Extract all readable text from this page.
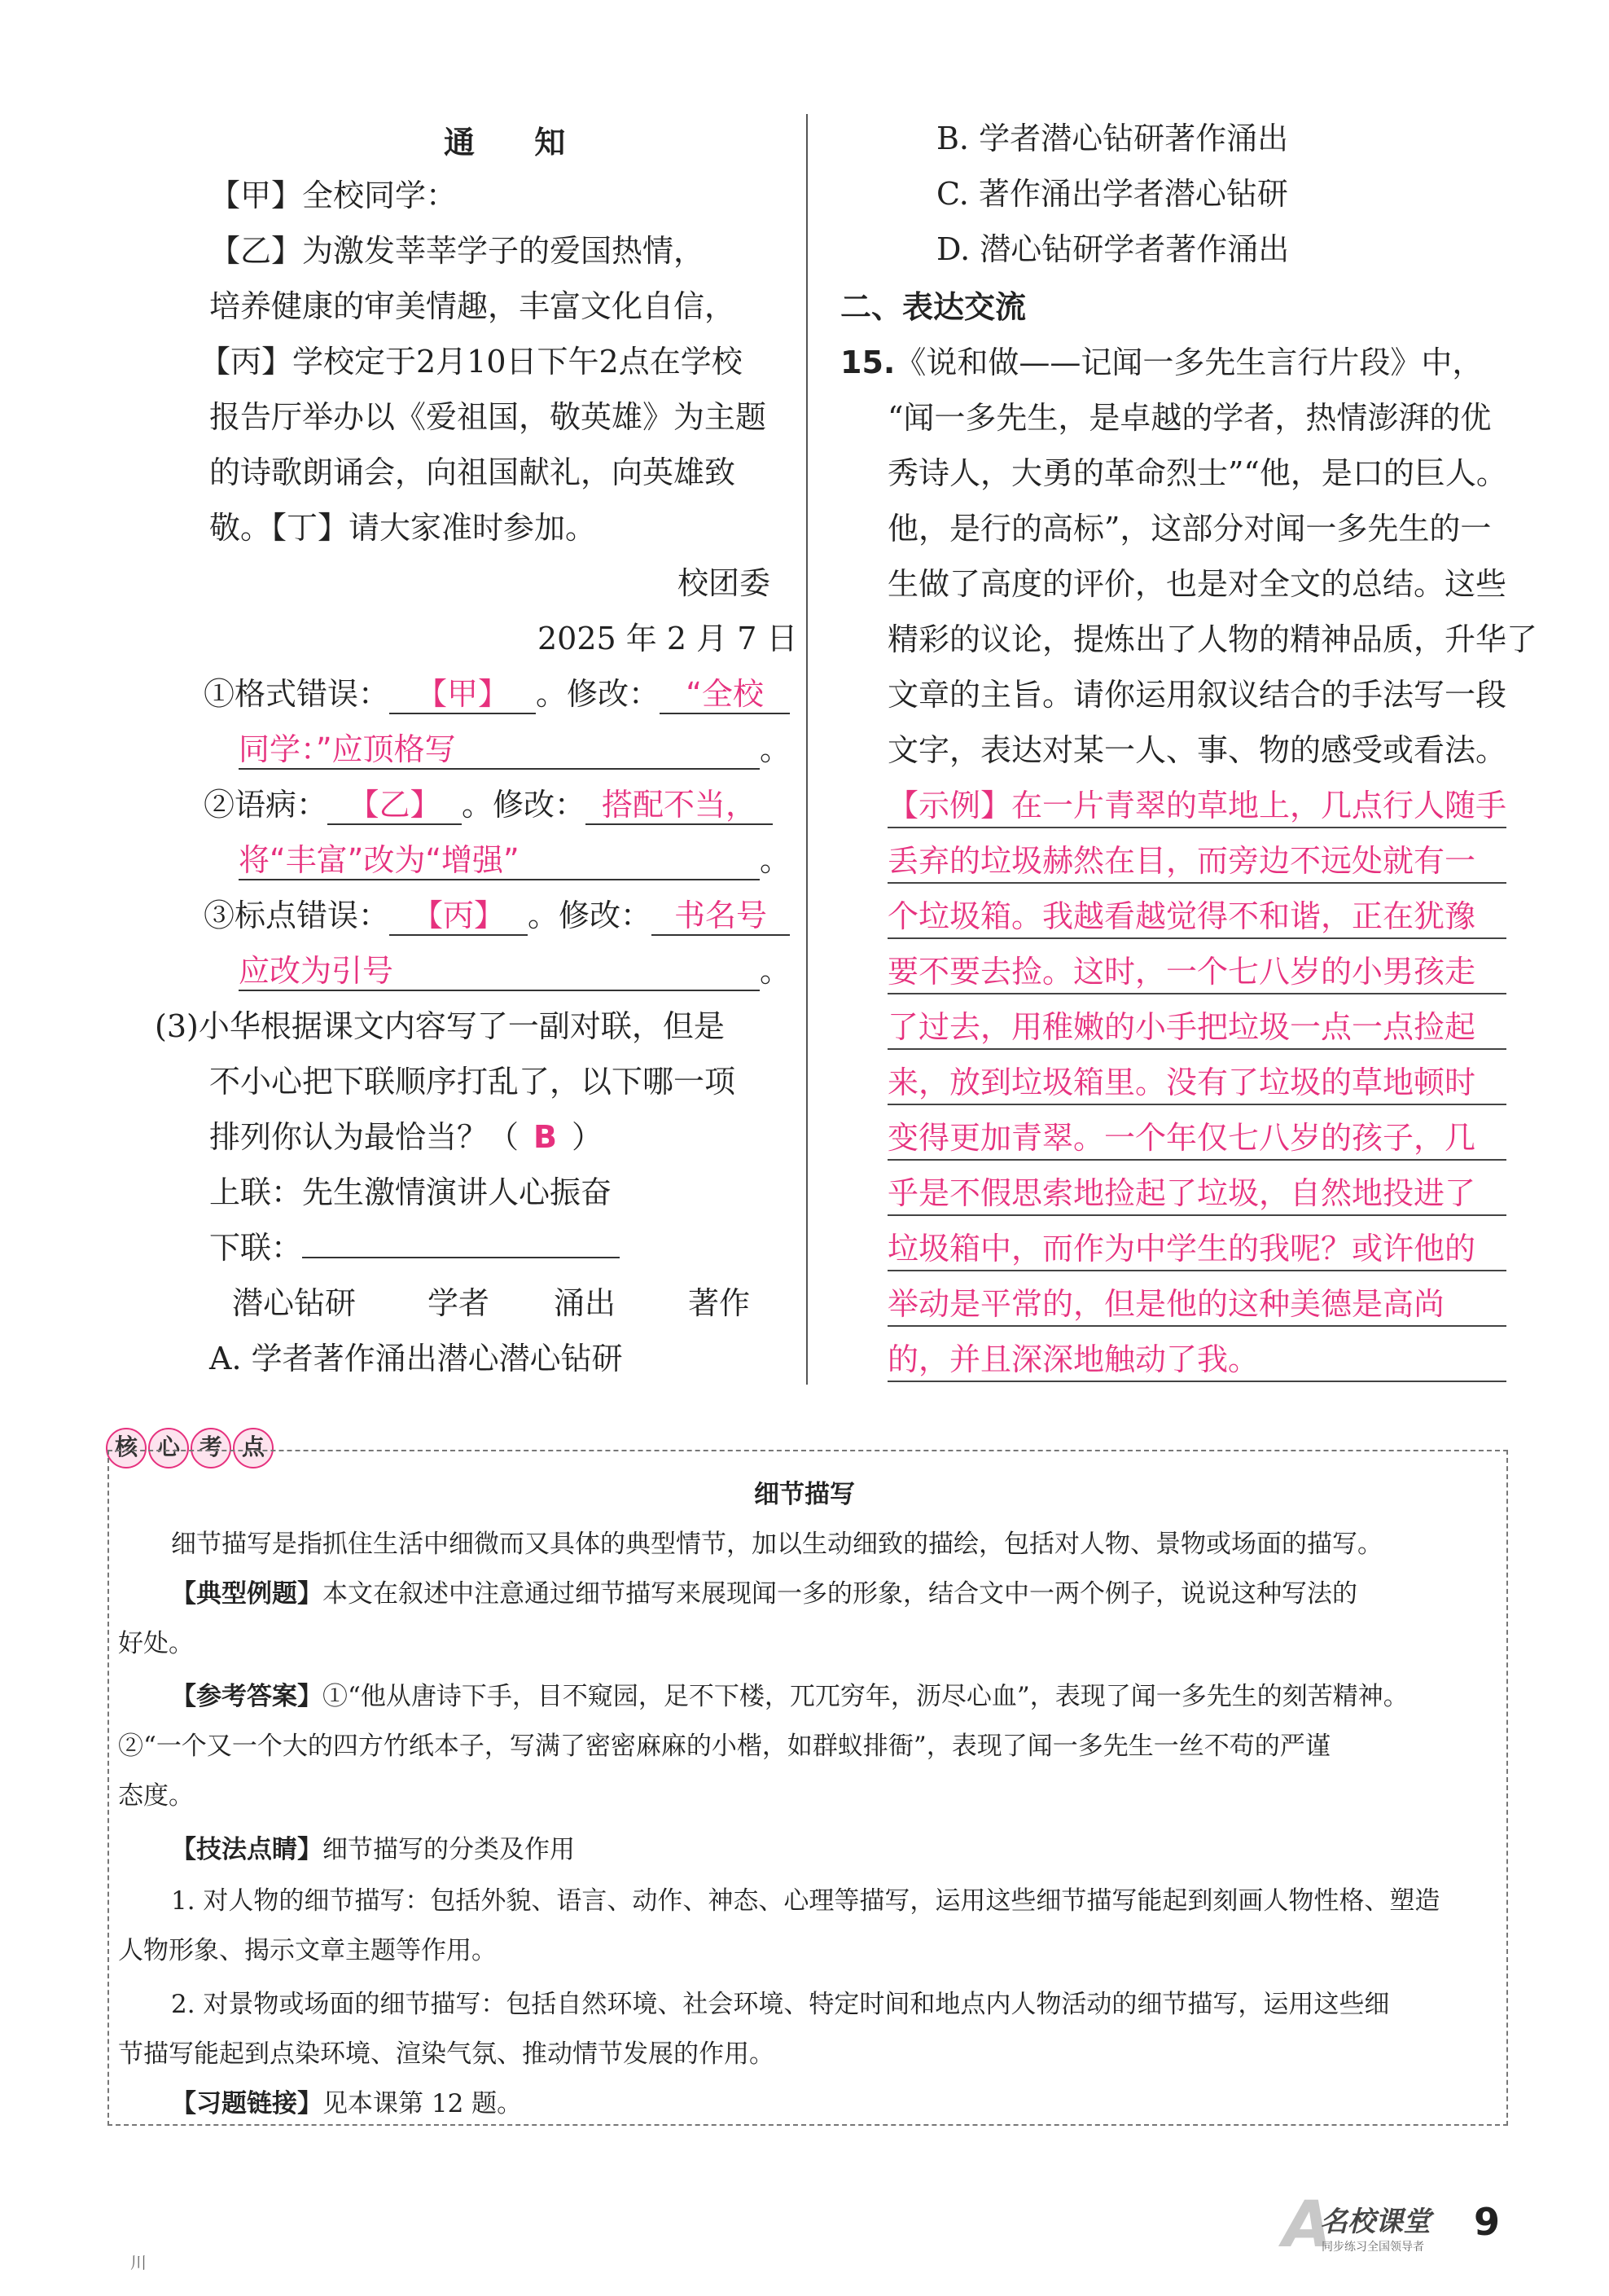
通 知
【甲】全校同学：
【乙】为激发莘莘学子的爱国热情，
培养健康的审美情趣，丰富文化自信，
【丙】学校定于2月10日下午2点在学校
报告厅举办以《爱祖国，敬英雄》为主题
的诗歌朗诵会，向祖国献礼，向英雄致
敬。【丁】请大家准时参加。
校团委
2025 年 2 月 7 日
①格式错误： 【甲】 。修改： “全校
同学：”应顶格写	。
②语病： 【乙】 。修改： 搭配不当，
将“丰富”改为“增强”	。
③标点错误： 【丙】 。修改： 书名号
应改为引号	。
(3)小华根据课文内容写了一副对联，但是
不小心把下联顺序打乱了，以下哪一项
排列你认为最恰当？（ B ）
上联：先生激情演讲人心振奋
下联：
潜心钻研 学者 涌出 著作
A. 学者著作涌出潜心潜心钻研
B. 学者潜心钻研著作涌出
C. 著作涌出学者潜心钻研
D. 潜心钻研学者著作涌出
二、表达交流
15.《说和做——记闻一多先生言行片段》中，
“闻一多先生，是卓越的学者，热情澎湃的优
秀诗人，大勇的革命烈士”“他，是口的巨人。
他，是行的高标”，这部分对闻一多先生的一
生做了高度的评价，也是对全文的总结。这些
精彩的议论，提炼出了人物的精神品质，升华了
文章的主旨。请你运用叙议结合的手法写一段
文字，表达对某一人、事、物的感受或看法。
【示例】在一片青翠的草地上，几点行人随手
丢弃的垃圾赫然在目，而旁边不远处就有一
个垃圾箱。我越看越觉得不和谐，正在犹豫
要不要去捡。这时，一个七八岁的小男孩走
了过去，用稚嫩的小手把垃圾一点一点捡起
来，放到垃圾箱里。没有了垃圾的草地顿时
变得更加青翠。一个年仅七八岁的孩子，几
乎是不假思索地捡起了垃圾，自然地投进了
垃圾箱中，而作为中学生的我呢？或许他的
举动是平常的，但是他的这种美德是高尚
的，并且深深地触动了我。
核 心 考 点
细节描写
细节描写是指抓住生活中细微而又具体的典型情节，加以生动细致的描绘，包括对人物、景物或场面的描写。
【典型例题】本文在叙述中注意通过细节描写来展现闻一多的形象，结合文中一两个例子，说说这种写法的
好处。
【参考答案】①“他从唐诗下手，目不窥园，足不下楼，兀兀穷年，沥尽心血”，表现了闻一多先生的刻苦精神。
②“一个又一个大的四方竹纸本子，写满了密密麻麻的小楷，如群蚁排衙”，表现了闻一多先生一丝不苟的严谨
态度。
【技法点睛】细节描写的分类及作用
1. 对人物的细节描写：包括外貌、语言、动作、神态、心理等描写，运用这些细节描写能起到刻画人物性格、塑造
人物形象、揭示文章主题等作用。
2. 对景物或场面的细节描写：包括自然环境、社会环境、特定时间和地点内人物活动的细节描写，运用这些细
节描写能起到点染环境、渲染气氛、推动情节发展的作用。
【习题链接】见本课第 12 题。
川
A
名校课堂
同步练习全国领导者
9
